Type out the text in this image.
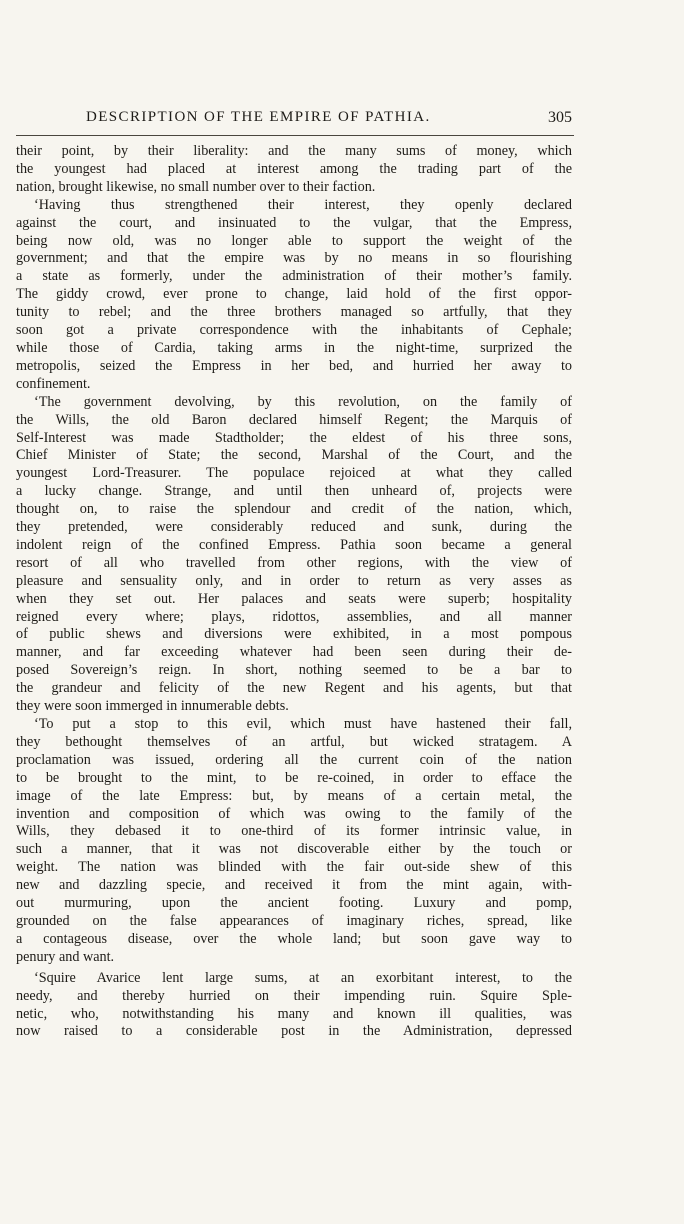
DESCRIPTION OF THE EMPIRE OF PATHIA.	305
their point, by their liberality: and the many sums of money, which
the youngest had placed at interest among the trading part of the
nation, brought likewise, no small number over to their faction.
‘Having thus strengthened their interest, they openly declared
against the court, and insinuated to the vulgar, that the Empress,
being now old, was no longer able to support the weight of the
government; and that the empire was by no means in so flourishing
a state as formerly, under the administration of their mother’s family.
The giddy crowd, ever prone to change, laid hold of the first oppor-
tunity to rebel; and the three brothers managed so artfully, that they
soon got a private correspondence with the inhabitants of Cephale;
while those of Cardia, taking arms in the night-time, surprized the
metropolis, seized the Empress in her bed, and hurried her away to
confinement.
‘The government devolving, by this revolution, on the family of
the Wills, the old Baron declared himself Regent; the Marquis of
Self-Interest was made Stadtholder; the eldest of his three sons,
Chief Minister of State; the second, Marshal of the Court, and the
youngest Lord-Treasurer. The populace rejoiced at what they called
a lucky change. Strange, and until then unheard of, projects were
thought on, to raise the splendour and credit of the nation, which,
they pretended, were considerably reduced and sunk, during the
indolent reign of the confined Empress. Pathia soon became a general
resort of all who travelled from other regions, with the view of
pleasure and sensuality only, and in order to return as very asses as
when they set out. Her palaces and seats were superb; hospitality
reigned every where; plays, ridottos, assemblies, and all manner
of public shews and diversions were exhibited, in a most pompous
manner, and far exceeding whatever had been seen during their de-
posed Sovereign’s reign. In short, nothing seemed to be a bar to
the grandeur and felicity of the new Regent and his agents, but that
they were soon immerged in innumerable debts.
‘To put a stop to this evil, which must have hastened their fall,
they bethought themselves of an artful, but wicked stratagem. A
proclamation was issued, ordering all the current coin of the nation
to be brought to the mint, to be re-coined, in order to efface the
image of the late Empress: but, by means of a certain metal, the
invention and composition of which was owing to the family of the
Wills, they debased it to one-third of its former intrinsic value, in
such a manner, that it was not discoverable either by the touch or
weight. The nation was blinded with the fair out-side shew of this
new and dazzling specie, and received it from the mint again, with-
out murmuring, upon the ancient footing. Luxury and pomp,
grounded on the false appearances of imaginary riches, spread, like
a contageous disease, over the whole land; but soon gave way to
penury and want.
‘Squire Avarice lent large sums, at an exorbitant interest, to the
needy, and thereby hurried on their impending ruin. Squire Sple-
netic, who, notwithstanding his many and known ill qualities, was
now raised to a considerable post in the Administration, depressed
